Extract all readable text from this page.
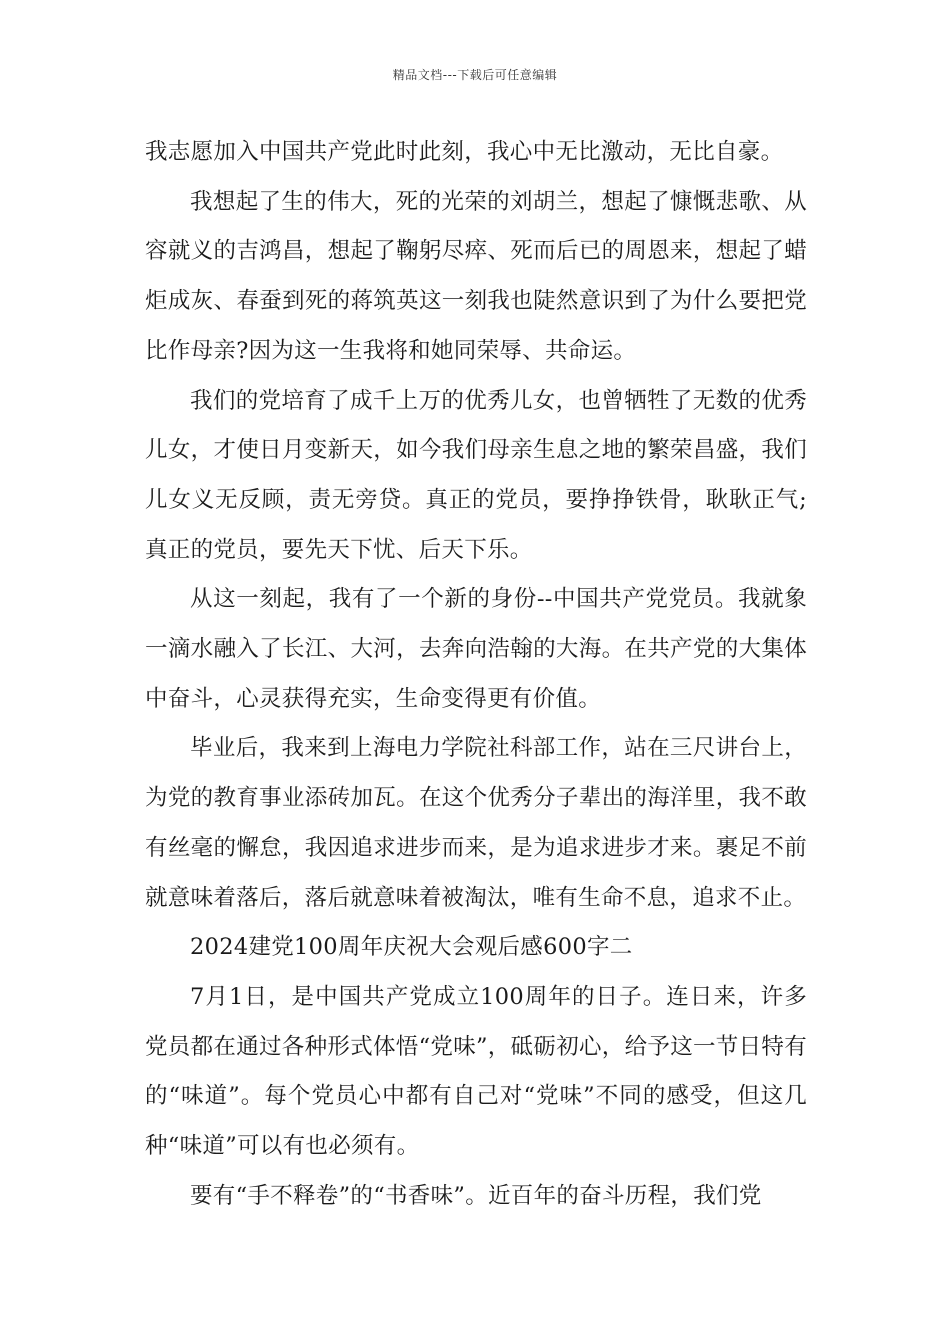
精品文档---下载后可任意编辑

我志愿加入中国共产党此时此刻，我心中无比激动，无比自豪。

我想起了生的伟大，死的光荣的刘胡兰，想起了慷慨悲歌、从容就义的吉鸿昌，想起了鞠躬尽瘁、死而后已的周恩来，想起了蜡炬成灰、春蚕到死的蒋筑英这一刻我也陡然意识到了为什么要把党比作母亲?因为这一生我将和她同荣辱、共命运。

我们的党培育了成千上万的优秀儿女，也曾牺牲了无数的优秀儿女，才使日月变新天，如今我们母亲生息之地的繁荣昌盛，我们儿女义无反顾，责无旁贷。真正的党员，要挣挣铁骨，耿耿正气;真正的党员，要先天下忧、后天下乐。

从这一刻起，我有了一个新的身份--中国共产党党员。我就象一滴水融入了长江、大河，去奔向浩翰的大海。在共产党的大集体中奋斗，心灵获得充实，生命变得更有价值。

毕业后，我来到上海电力学院社科部工作，站在三尺讲台上，为党的教育事业添砖加瓦。在这个优秀分子辈出的海洋里，我不敢有丝毫的懈怠，我因追求进步而来，是为追求进步才来。裹足不前就意味着落后，落后就意味着被淘汰，唯有生命不息，追求不止。

2024建党100周年庆祝大会观后感600字二

7月1日，是中国共产党成立100周年的日子。连日来，许多党员都在通过各种形式体悟“党味”，砥砺初心，给予这一节日特有的“味道”。每个党员心中都有自己对“党味”不同的感受，但这几种“味道”可以有也必须有。

要有“手不释卷”的“书香味”。近百年的奋斗历程，我们党
